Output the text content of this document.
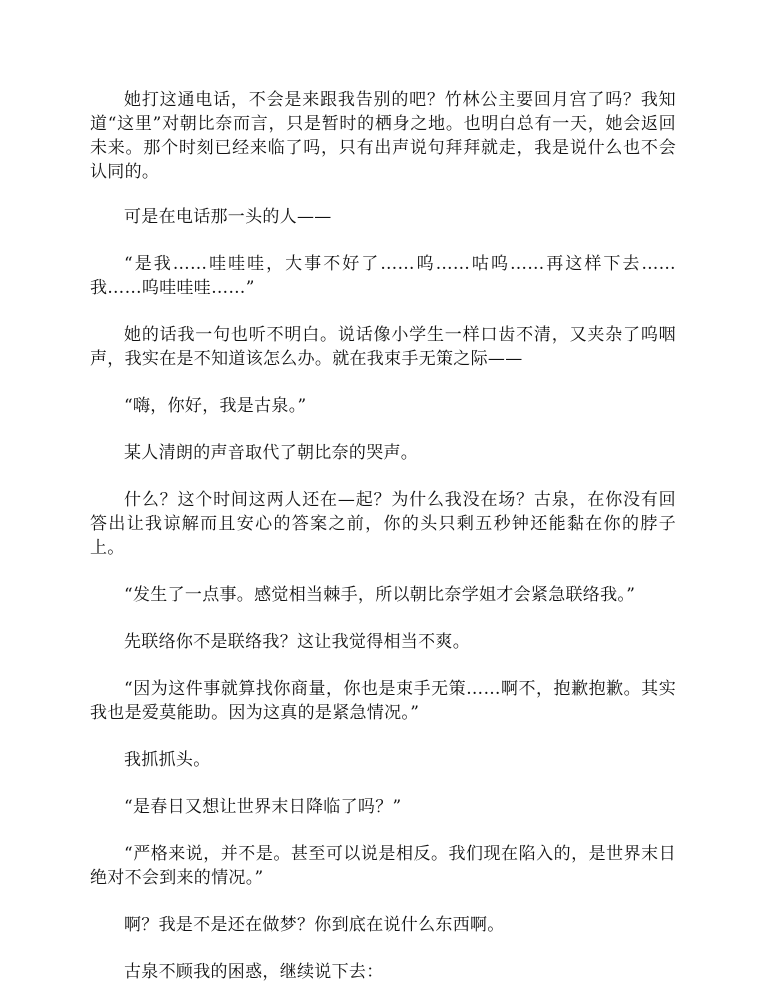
她打这通电话，不会是来跟我告别的吧？竹林公主要回月宫了吗？我知道“这里”对朝比奈而言，只是暂时的栖身之地。也明白总有一天，她会返回未来。那个时刻已经来临了吗，只有出声说句拜拜就走，我是说什么也不会认同的。

可是在电话那一头的人——

“是我……哇哇哇，大事不好了……呜……咕呜……再这样下去……我……呜哇哇哇……”

她的话我一句也听不明白。说话像小学生一样口齿不清，又夹杂了呜咽声，我实在是不知道该怎么办。就在我束手无策之际——

“嗨，你好，我是古泉。”

某人清朗的声音取代了朝比奈的哭声。

什么？这个时间这两人还在—起？为什么我没在场？古泉，在你没有回答出让我谅解而且安心的答案之前，你的头只剩五秒钟还能黏在你的脖子上。

“发生了一点事。感觉相当棘手，所以朝比奈学姐才会紧急联络我。”

先联络你不是联络我？这让我觉得相当不爽。

“因为这件事就算找你商量，你也是束手无策……啊不，抱歉抱歉。其实我也是爱莫能助。因为这真的是紧急情况。”

我抓抓头。

“是春日又想让世界末日降临了吗？”

“严格来说，并不是。甚至可以说是相反。我们现在陷入的，是世界末日绝对不会到来的情况。”

啊？我是不是还在做梦？你到底在说什么东西啊。

古泉不顾我的困惑，继续说下去：
